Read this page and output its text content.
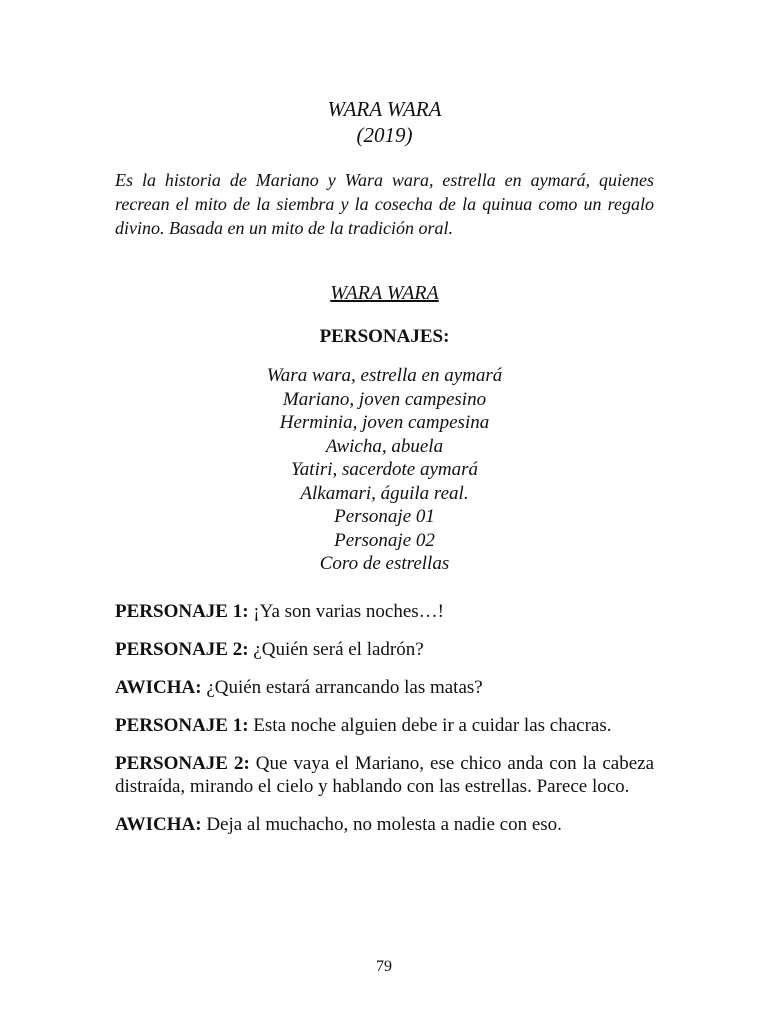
WARA WARA
(2019)

Es la historia de Mariano y Wara wara, estrella en aymará, quienes recrean el mito de la siembra y la cosecha de la quinua como un regalo divino. Basada en un mito de la tradición oral.

WARA WARA
PERSONAJES:
Wara wara, estrella en aymará
Mariano, joven campesino
Herminia, joven campesina
Awicha, abuela
Yatiri, sacerdote aymará
Alkamari, águila real.
Personaje 01
Personaje 02
Coro de estrellas

PERSONAJE 1: ¡Ya son varias noches…!

PERSONAJE 2: ¿Quién será el ladrón?

AWICHA: ¿Quién estará arrancando las matas?

PERSONAJE 1: Esta noche alguien debe ir a cuidar las chacras.

PERSONAJE 2: Que vaya el Mariano, ese chico anda con la cabeza distraída, mirando el cielo y hablando con las estrellas. Parece loco.

AWICHA: Deja al muchacho, no molesta a nadie con eso.

79
